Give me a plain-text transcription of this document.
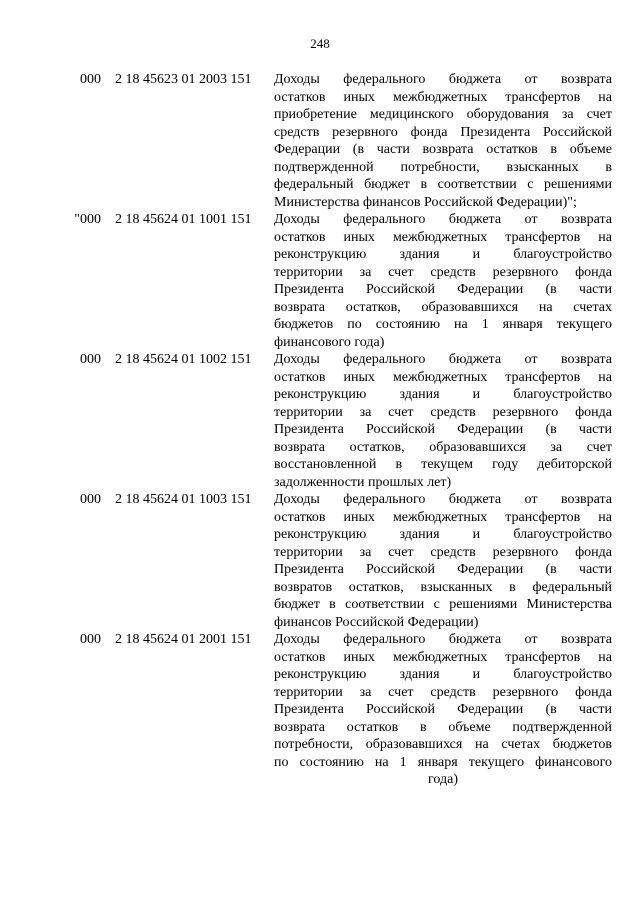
248
000 2 18 45623 01 2003 151	Доходы федерального бюджета от возврата
остатков иных межбюджетных трансфертов на
приобретение медицинского оборудования за счет
средств резервного фонда Президента Российской
Федерации (в части возврата остатков в объеме
подтвержденной потребности, взысканных в
федеральный бюджет в соответствии с решениями
Министерства финансов Российской Федерации)";
"000 2 18 45624 01 1001 151	Доходы федерального бюджета от возврата
остатков иных межбюджетных трансфертов на
реконструкцию здания и благоустройство
территории за счет средств резервного фонда
Президента Российской Федерации (в части
возврата остатков, образовавшихся на счетах
бюджетов по состоянию на 1 января текущего
финансового года)
000 2 18 45624 01 1002 151	Доходы федерального бюджета от возврата
остатков иных межбюджетных трансфертов на
реконструкцию здания и благоустройство
территории за счет средств резервного фонда
Президента Российской Федерации (в части
возврата остатков, образовавшихся за счет
восстановленной в текущем году дебиторской
задолженности прошлых лет)
000 2 18 45624 01 1003 151	Доходы федерального бюджета от возврата
остатков иных межбюджетных трансфертов на
реконструкцию здания и благоустройство
территории за счет средств резервного фонда
Президента Российской Федерации (в части
возвратов остатков, взысканных в федеральный
бюджет в соответствии с решениями Министерства
финансов Российской Федерации)
000 2 18 45624 01 2001 151	Доходы федерального бюджета от возврата
остатков иных межбюджетных трансфертов на
реконструкцию здания и благоустройство
территории за счет средств резервного фонда
Президента Российской Федерации (в части
возврата остатков в объеме подтвержденной
потребности, образовавшихся на счетах бюджетов
по состоянию на 1 января текущего финансового
года)
